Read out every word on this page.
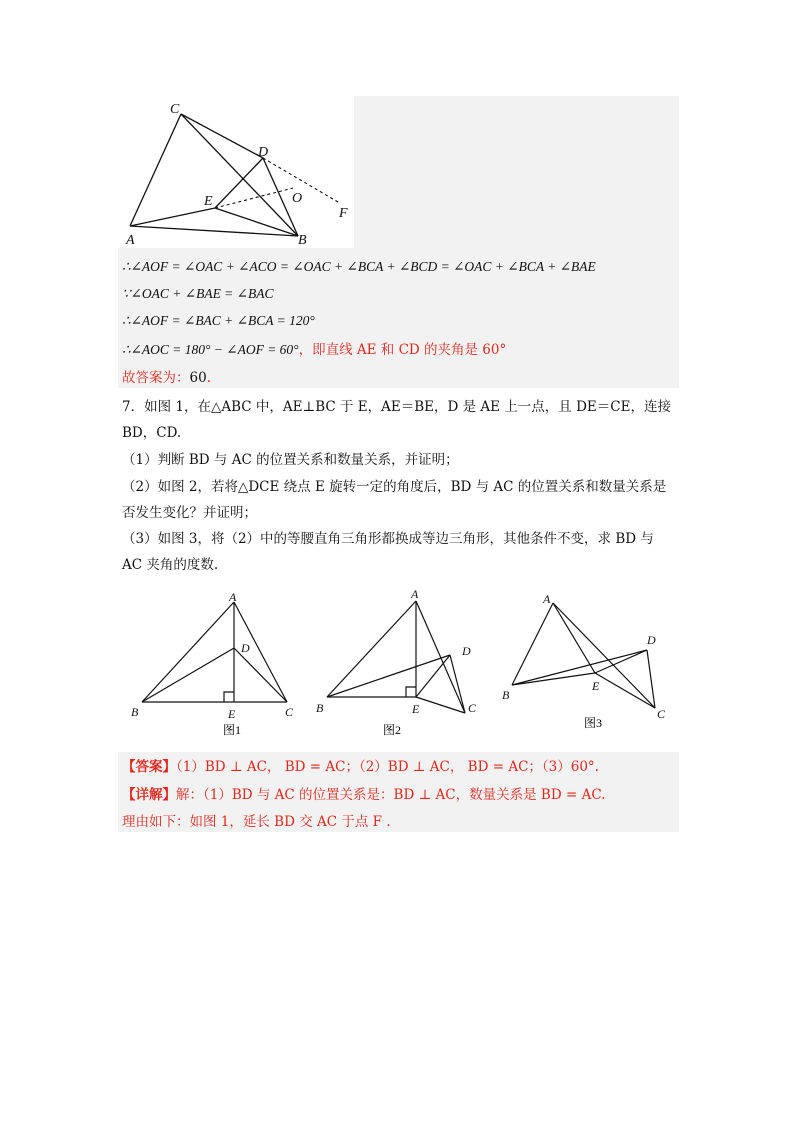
C
D
E	O
F
A	B
∴∠AOF = ∠OAC + ∠ACO = ∠OAC + ∠BCA + ∠BCD = ∠OAC + ∠BCA + ∠BAE
∵∠OAC + ∠BAE = ∠BAC
∴∠AOF = ∠BAC + ∠BCA = 120°
∴∠AOC = 180° − ∠AOF = 60°，即直线 AE 和 CD 的夹角是 60°
故答案为：60.
7．如图 1，在△ABC 中，AE⊥BC 于 E，AE＝BE，D 是 AE 上一点，且 DE＝CE，连接
BD，CD.
（1）判断 BD 与 AC 的位置关系和数量关系，并证明；
（2）如图 2，若将△DCE 绕点 E 旋转一定的角度后，BD 与 AC 的位置关系和数量关系是
否发生变化？并证明；
（3）如图 3，将（2）中的等腰直角三角形都换成等边三角形，其他条件不变，求 BD 与
AC 夹角的度数.
A
D
B	E	C
图1
A
D
B	E	C
图2
A
D
B
E
C
图3
【答案】（1）BD ⊥ AC， BD = AC；（2）BD ⊥ AC， BD = AC；（3）60°.
【详解】解：（1）BD 与 AC 的位置关系是：BD ⊥ AC，数量关系是 BD = AC.
理由如下：如图 1，延长 BD 交 AC 于点 F .
